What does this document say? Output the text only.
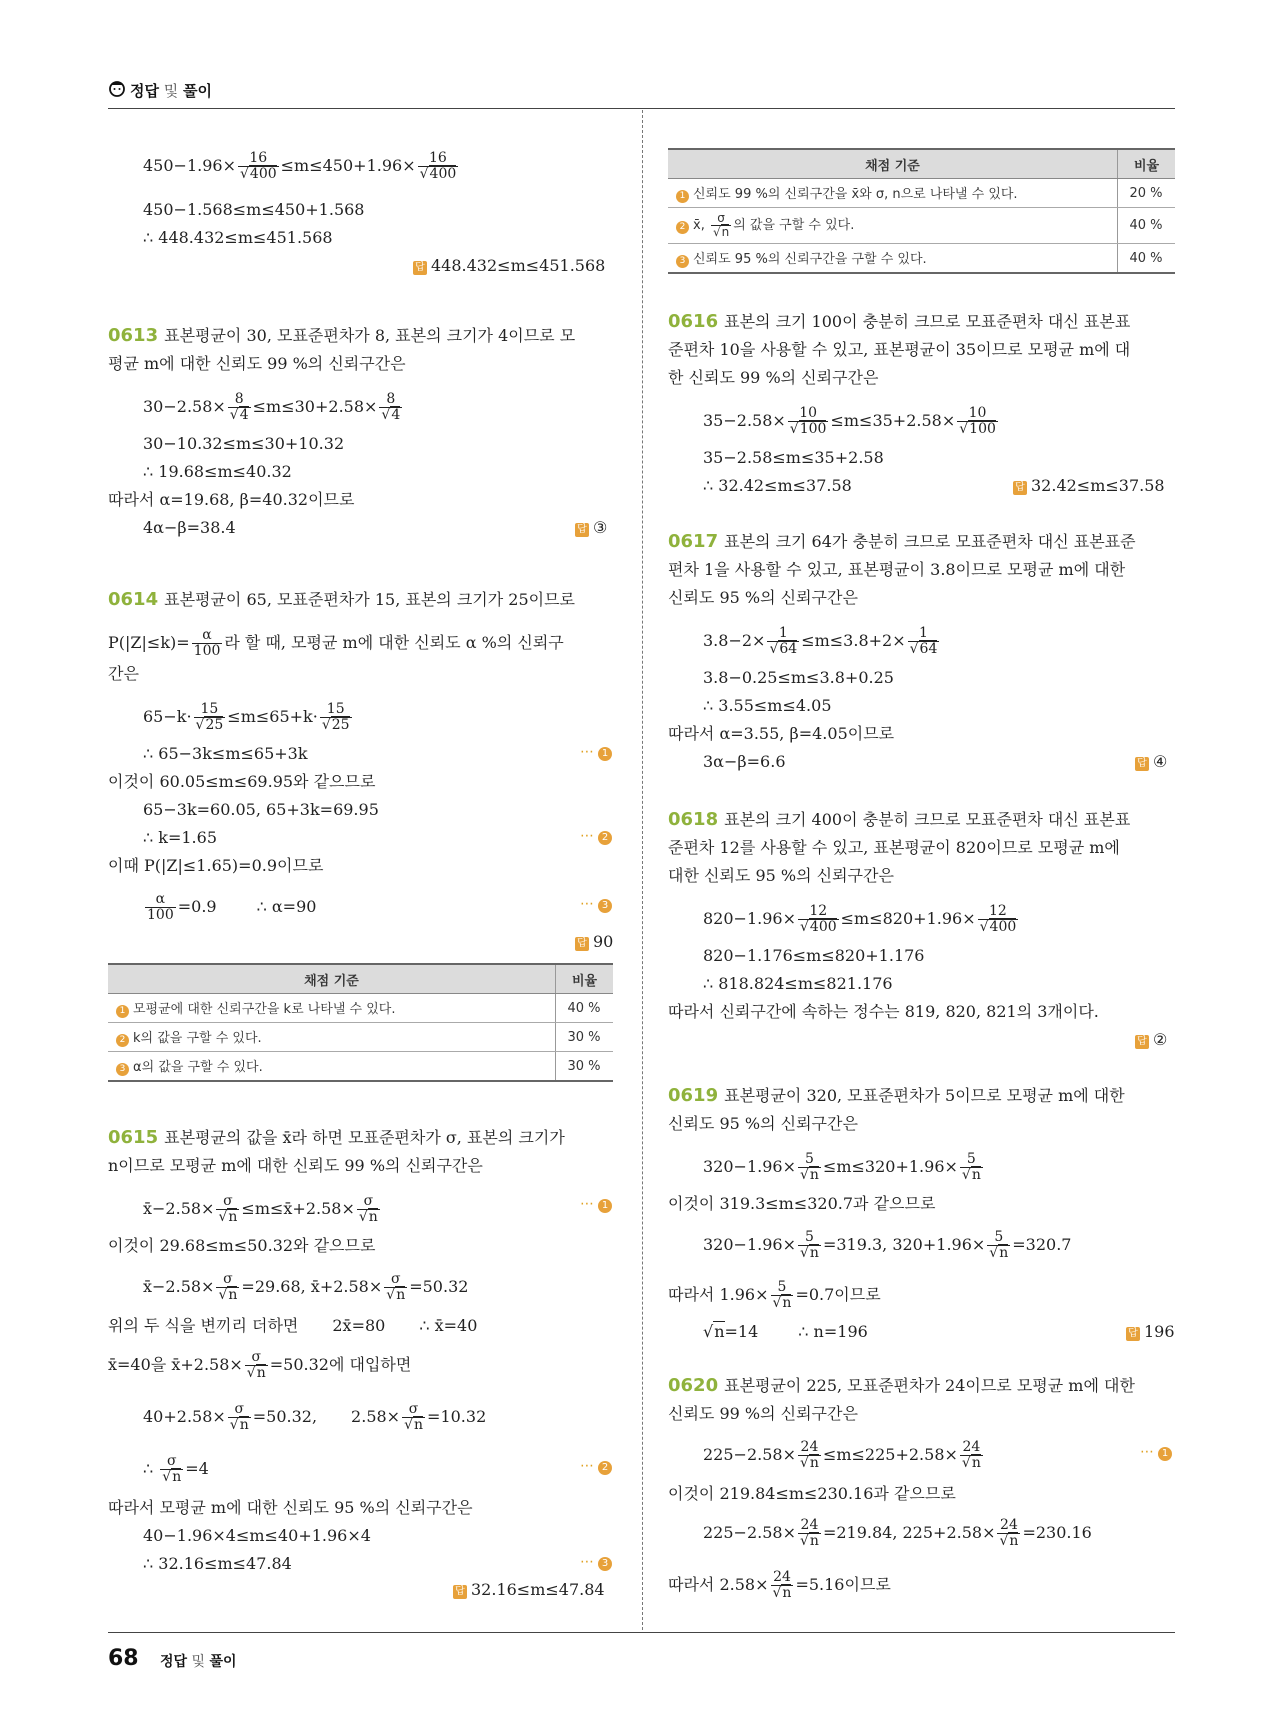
정답 및 풀이
$450-1.96\times \frac{16}{√400} \le m\le 450+1.96\times \frac{16}{√400}$
450−1.568≤m≤450+1.568
∴ 448.432≤m≤451.568
답 448.432≤m≤451.568
0613 표본평균이 30, 모표준편차가 8, 표본의 크기가 4이므로 모
평균 m에 대한 신뢰도 99 %의 신뢰구간은
$30-2.58\times \frac{8}{√4} \le m\le 30+2.58\times \frac{8}{√4}$
30−10.32≤m≤30+10.32
∴ 19.68≤m≤40.32
따라서 α=19.68, β=40.32이므로
4α−β=38.4	답 ③
0614 표본평균이 65, 모표준편차가 15, 표본의 크기가 25이므로
$P(|Z|\le k)= \frac{\alpha}{100}$ 라 할 때, 모평균 m에 대한 신뢰도 α %의 신뢰구
간은
$65-k\cdot \frac{15}{√25} \le m\le 65+k\cdot \frac{15}{√25}$
∴ 65−3k≤m≤65+3k	⋯ 1
이것이 60.05≤m≤69.95와 같으므로
65−3k=60.05, 65+3k=69.95
∴ k=1.65	⋯ 2
이때 P(|Z|≤1.65)=0.9이므로
$\frac{\alpha}{100} =0.9$	∴ α=90	⋯ 3
답 90
채점 기준	비율
1 모평균에 대한 신뢰구간을 k로 나타낼 수 있다.	40 %
2 k의 값을 구할 수 있다.	30 %
3 α의 값을 구할 수 있다.	30 %
0615 표본평균의 값을 x̄라 하면 모표준편차가 σ, 표본의 크기가
n이므로 모평균 m에 대한 신뢰도 99 %의 신뢰구간은
x̄−2.58× $\frac{\sigma}{√n}$ ≤m≤x̄+2.58× $\frac{\sigma}{√n}$	⋯ 1
이것이 29.68≤m≤50.32와 같으므로
x̄−2.58× $\frac{\sigma}{√n} =29.68$, x̄+2.58× $\frac{\sigma}{√n} =50.32$
위의 두 식을 변끼리 더하면 2x̄=80 ∴ x̄=40
x̄=40을 x̄+2.58× $\frac{\sigma}{√n} =50.32$에 대입하면
$40+2.58\times \frac{\sigma}{√n} =50.32$, $2.58\times \frac{\sigma}{√n} =10.32$
∴ $\frac{\sigma}{√n} =4$	⋯ 2
따라서 모평균 m에 대한 신뢰도 95 %의 신뢰구간은
40−1.96×4≤m≤40+1.96×4
∴ 32.16≤m≤47.84	⋯ 3
답 32.16≤m≤47.84
채점 기준	비율
1 신뢰도 99 %의 신뢰구간을 x̄와 σ, n으로 나타낼 수 있다.	20 %
2 x̄, $\frac{\sigma}{√n}$ 의 값을 구할 수 있다.	40 %
3 신뢰도 95 %의 신뢰구간을 구할 수 있다.	40 %
0616 표본의 크기 100이 충분히 크므로 모표준편차 대신 표본표
준편차 10을 사용할 수 있고, 표본평균이 35이므로 모평균 m에 대
한 신뢰도 99 %의 신뢰구간은
$35-2.58\times \frac{10}{√100} \le m\le 35+2.58\times \frac{10}{√100}$
35−2.58≤m≤35+2.58
∴ 32.42≤m≤37.58	답 32.42≤m≤37.58
0617 표본의 크기 64가 충분히 크므로 모표준편차 대신 표본표준
편차 1을 사용할 수 있고, 표본평균이 3.8이므로 모평균 m에 대한
신뢰도 95 %의 신뢰구간은
$3.8-2\times \frac{1}{√64} \le m\le 3.8+2\times \frac{1}{√64}$
3.8−0.25≤m≤3.8+0.25
∴ 3.55≤m≤4.05
따라서 α=3.55, β=4.05이므로
3α−β=6.6	답 ④
0618 표본의 크기 400이 충분히 크므로 모표준편차 대신 표본표
준편차 12를 사용할 수 있고, 표본평균이 820이므로 모평균 m에
대한 신뢰도 95 %의 신뢰구간은
$820-1.96\times \frac{12}{√400} \le m\le 820+1.96\times \frac{12}{√400}$
820−1.176≤m≤820+1.176
∴ 818.824≤m≤821.176
따라서 신뢰구간에 속하는 정수는 819, 820, 821의 3개이다.
답 ②
0619 표본평균이 320, 모표준편차가 5이므로 모평균 m에 대한
신뢰도 95 %의 신뢰구간은
$320-1.96\times \frac{5}{√n} \le m\le 320+1.96\times \frac{5}{√n}$
이것이 319.3≤m≤320.7과 같으므로
$320-1.96\times \frac{5}{√n} =319.3$, $320+1.96\times \frac{5}{√n} =320.7$
따라서 $1.96\times \frac{5}{√n} =0.7$이므로
√n=14	∴ n=196	답 196
0620 표본평균이 225, 모표준편차가 24이므로 모평균 m에 대한
신뢰도 99 %의 신뢰구간은
$225-2.58\times \frac{24}{√n} \le m\le 225+2.58\times \frac{24}{√n}$	⋯ 1
이것이 219.84≤m≤230.16과 같으므로
$225-2.58\times \frac{24}{√n} =219.84$, $225+2.58\times \frac{24}{√n} =230.16$
따라서 $2.58\times \frac{24}{√n} =5.16$이므로
68 정답 및 풀이
